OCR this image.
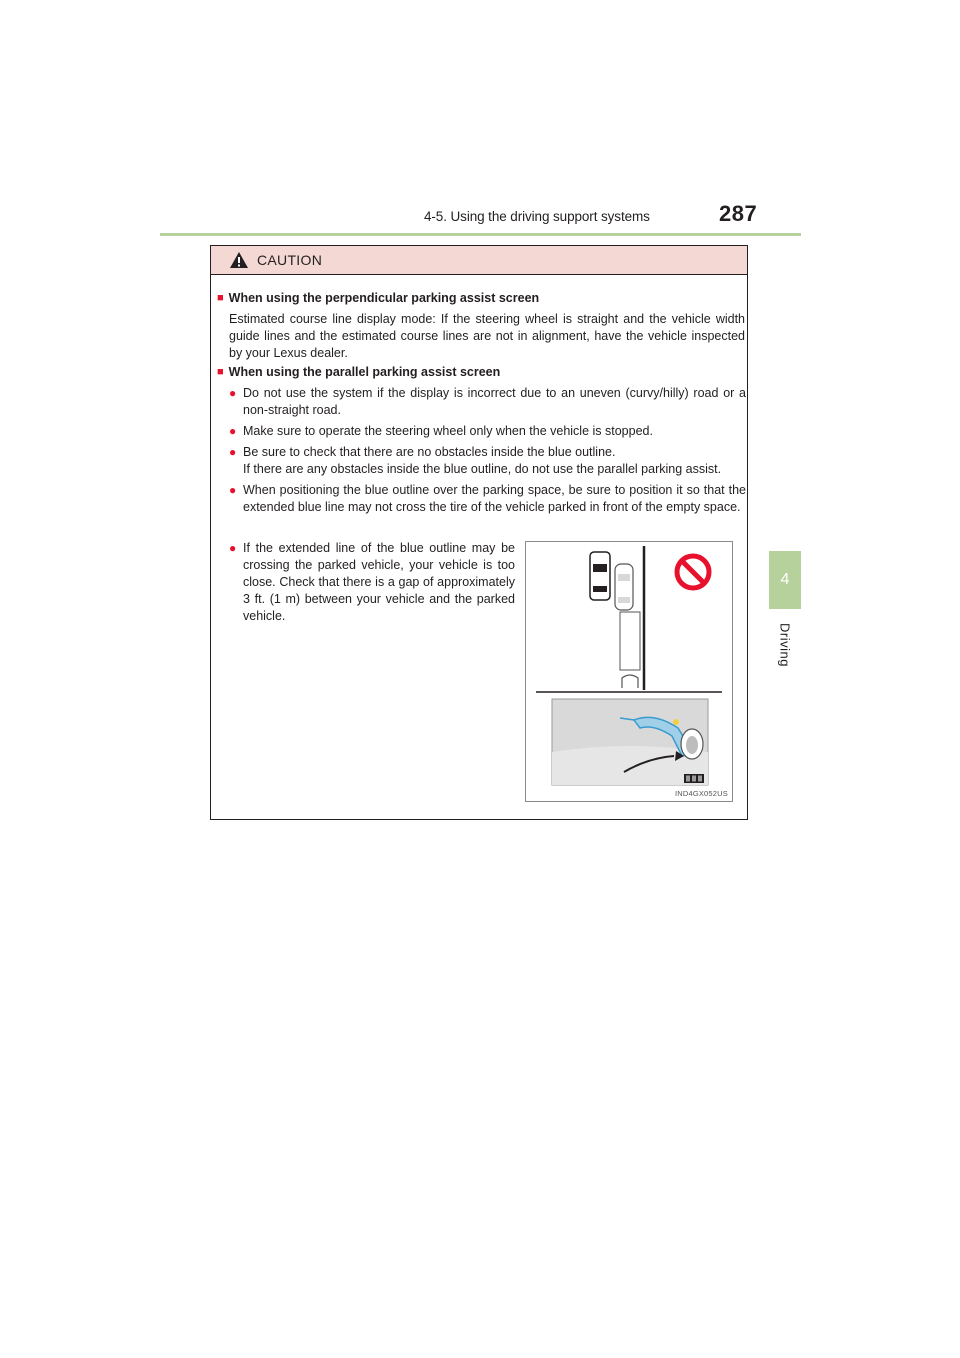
4-5. Using the driving support systems	287
4
Driving
CAUTION
■ When using the perpendicular parking assist screen
Estimated course line display mode: If the steering wheel is straight and the vehicle width guide lines and the estimated course lines are not in alignment, have the vehicle inspected by your Lexus dealer.
■ When using the parallel parking assist screen
● Do not use the system if the display is incorrect due to an uneven (curvy/hilly) road or a non-straight road.
● Make sure to operate the steering wheel only when the vehicle is stopped.
● Be sure to check that there are no obstacles inside the blue outline.
If there are any obstacles inside the blue outline, do not use the parallel parking assist.
● When positioning the blue outline over the parking space, be sure to position it so that the extended blue line may not cross the tire of the vehicle parked in front of the empty space.
● If the extended line of the blue outline may be crossing the parked vehicle, your vehicle is too close. Check that there is a gap of approximately 3 ft. (1 m) between your vehicle and the parked vehicle.
IND4GX052US
